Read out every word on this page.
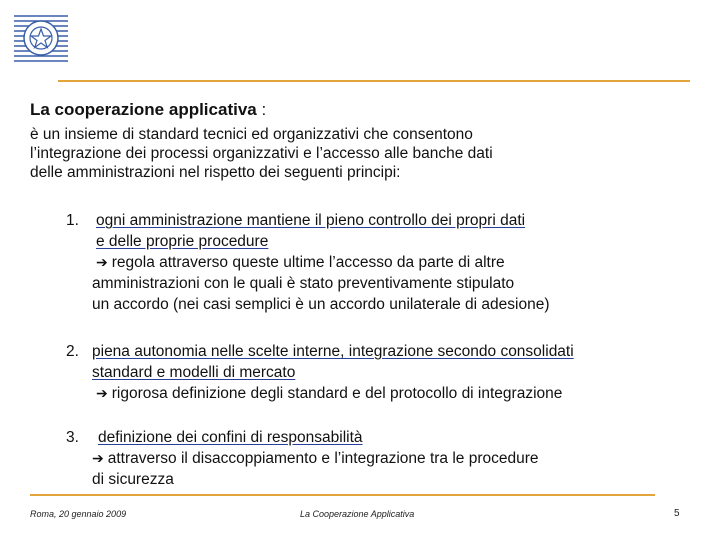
La cooperazione applicativa :
è un insieme di standard tecnici ed organizzativi che consentono
l’integrazione dei processi organizzativi e l’accesso alle banche dati
delle amministrazioni nel rispetto dei seguenti principi:
1. ogni amministrazione mantiene il pieno controllo dei propri dati
e delle proprie procedure
➔ regola attraverso queste ultime l’accesso da parte di altre
amministrazioni con le quali è stato preventivamente stipulato
un accordo (nei casi semplici è un accordo unilaterale di adesione)
2. piena autonomia nelle scelte interne, integrazione secondo consolidati
standard e modelli di mercato
➔ rigorosa definizione degli standard e del protocollo di integrazione
3. definizione dei confini di responsabilità
➔ attraverso il disaccoppiamento e l’integrazione tra le procedure
di sicurezza
Roma, 20 gennaio 2009	La Cooperazione Applicativa	5
